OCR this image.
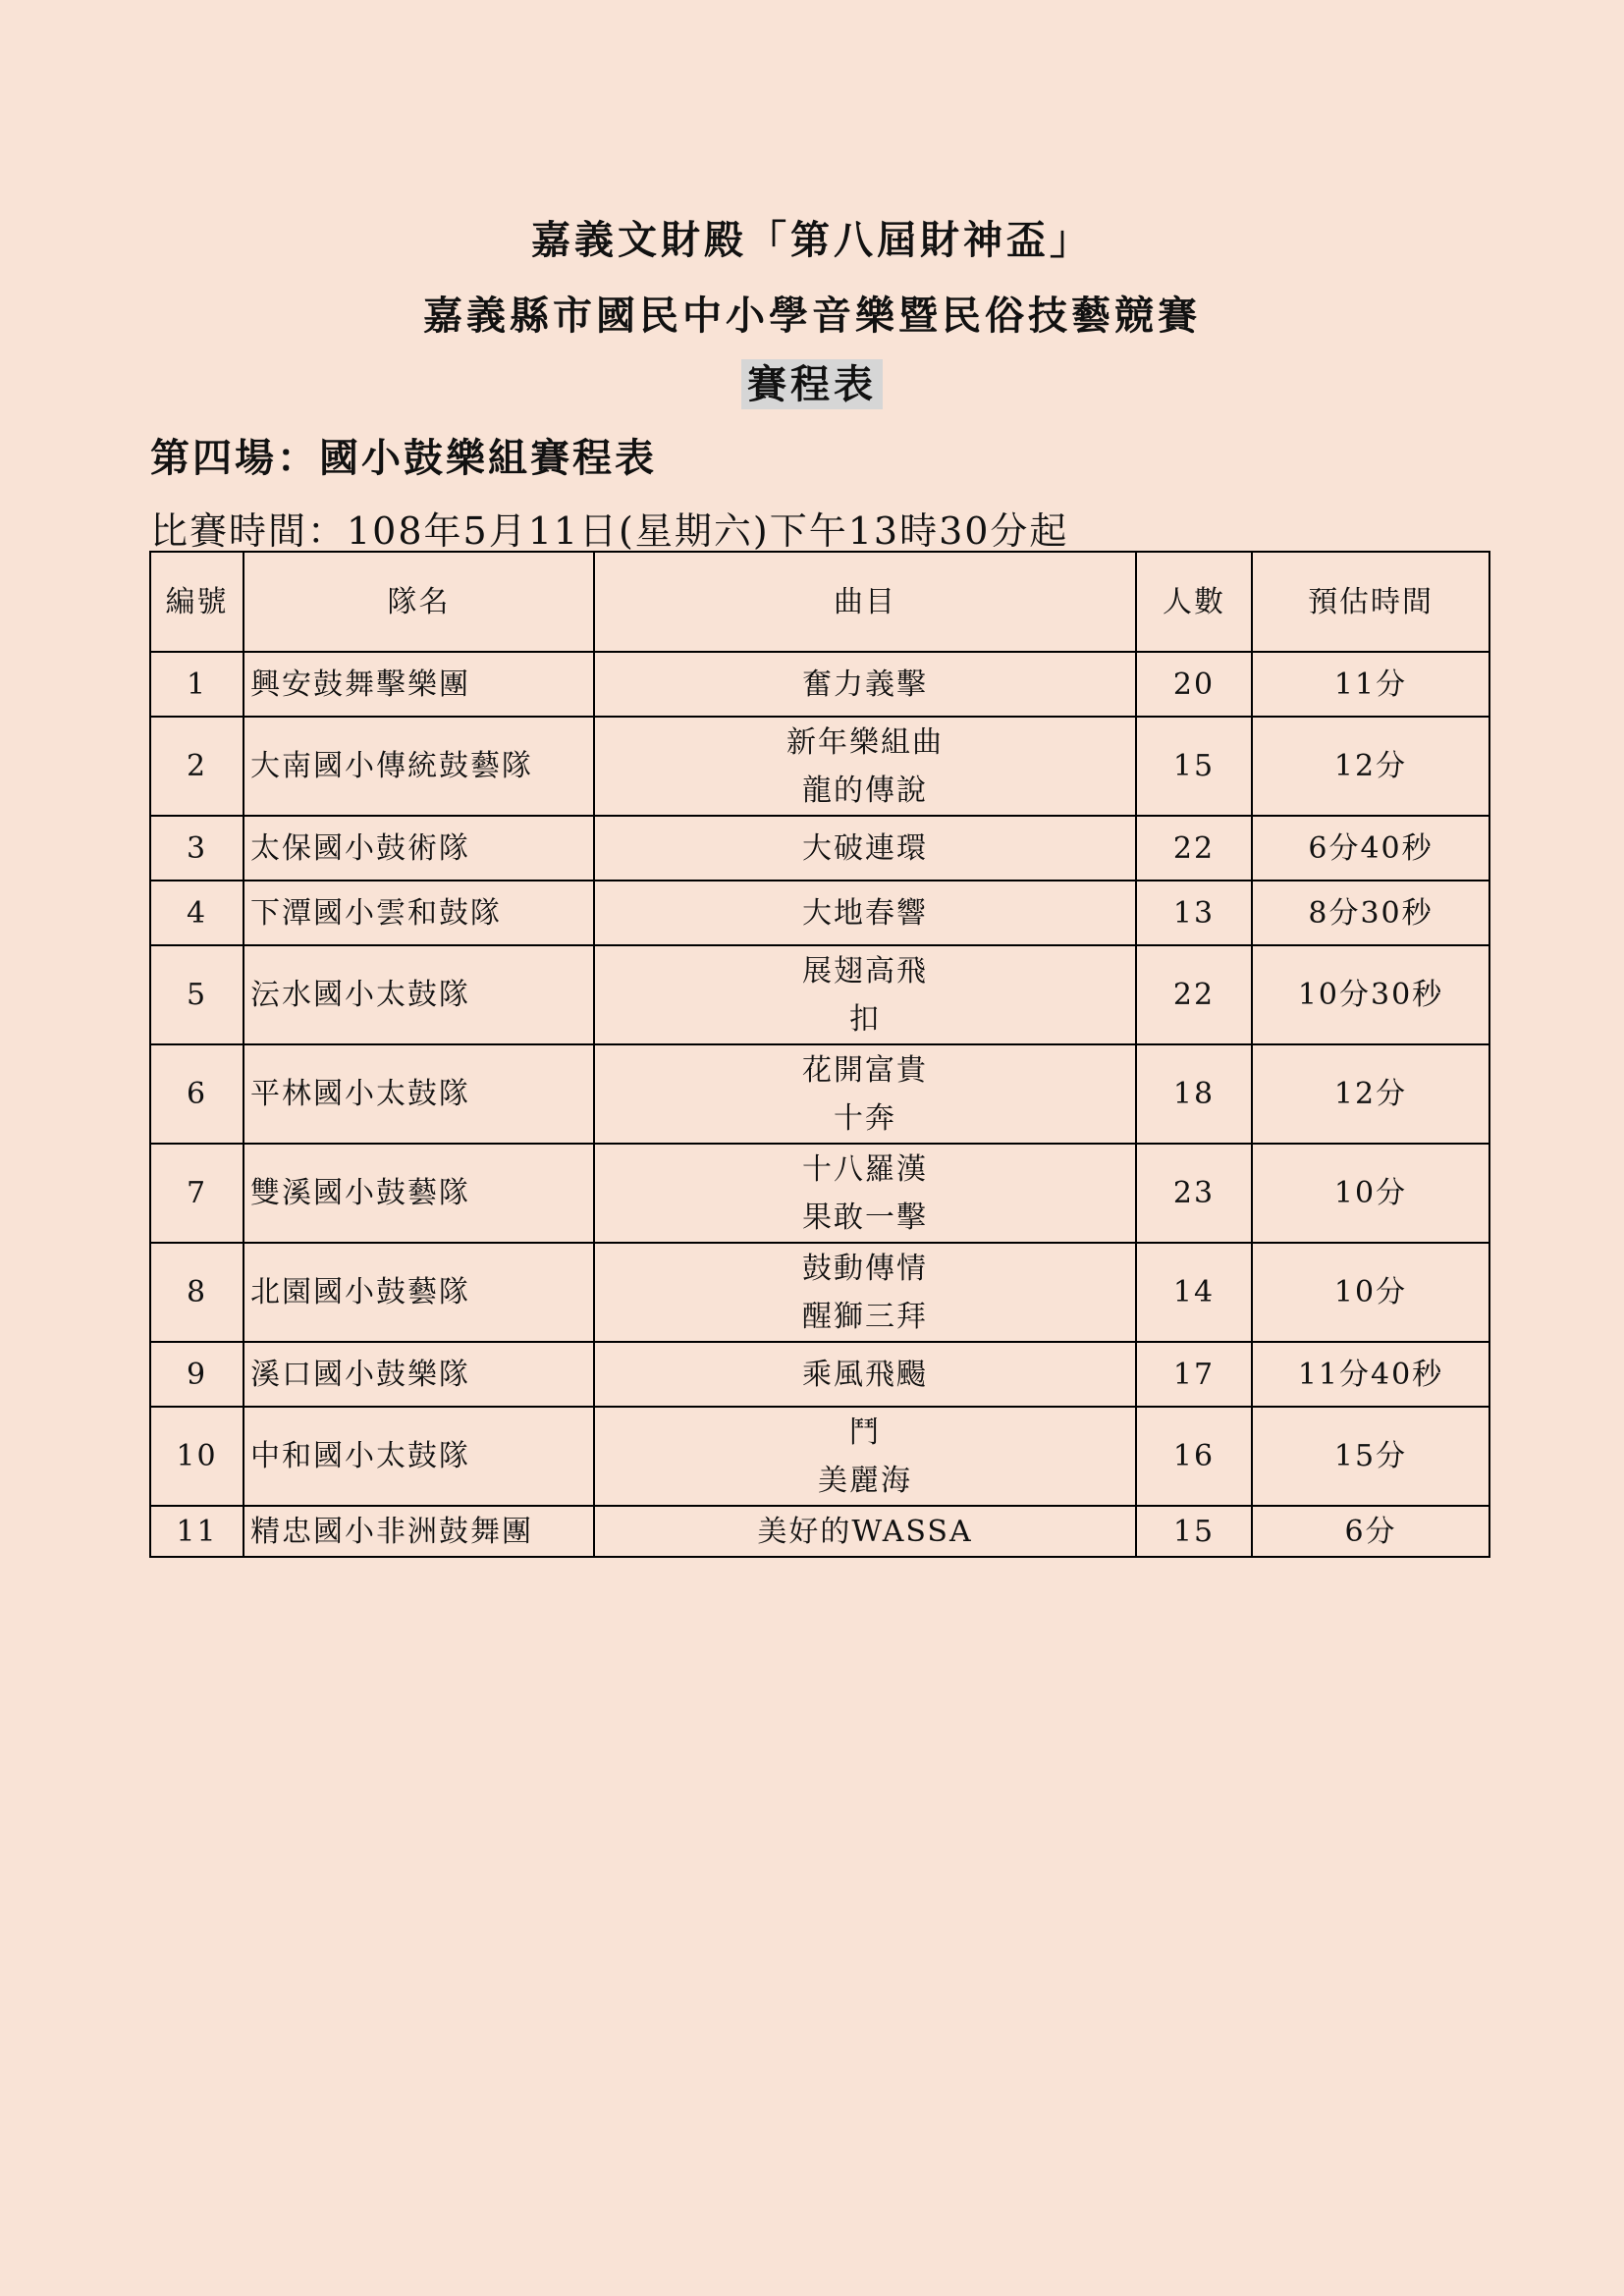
嘉義文財殿「第八屆財神盃」
嘉義縣市國民中小學音樂暨民俗技藝競賽
賽程表
第四場：國小鼓樂組賽程表
比賽時間：108年5月11日(星期六)下午13時30分起
編號	隊名	曲目	人數	預估時間
1	興安鼓舞擊樂團	奮力義擊	20	11分
2	大南國小傳統鼓藝隊	新年樂組曲
龍的傳說	15	12分
3	太保國小鼓術隊	大破連環	22	6分40秒
4	下潭國小雲和鼓隊	大地春響	13	8分30秒
5	沄水國小太鼓隊	展翅高飛
扣	22	10分30秒
6	平林國小太鼓隊	花開富貴
十奔	18	12分
7	雙溪國小鼓藝隊	十八羅漢
果敢一擊	23	10分
8	北園國小鼓藝隊	鼓動傳情
醒獅三拜	14	10分
9	溪口國小鼓樂隊	乘風飛颺	17	11分40秒
10	中和國小太鼓隊	鬥
美麗海	16	15分
11	精忠國小非洲鼓舞團	美好的WASSA	15	6分
